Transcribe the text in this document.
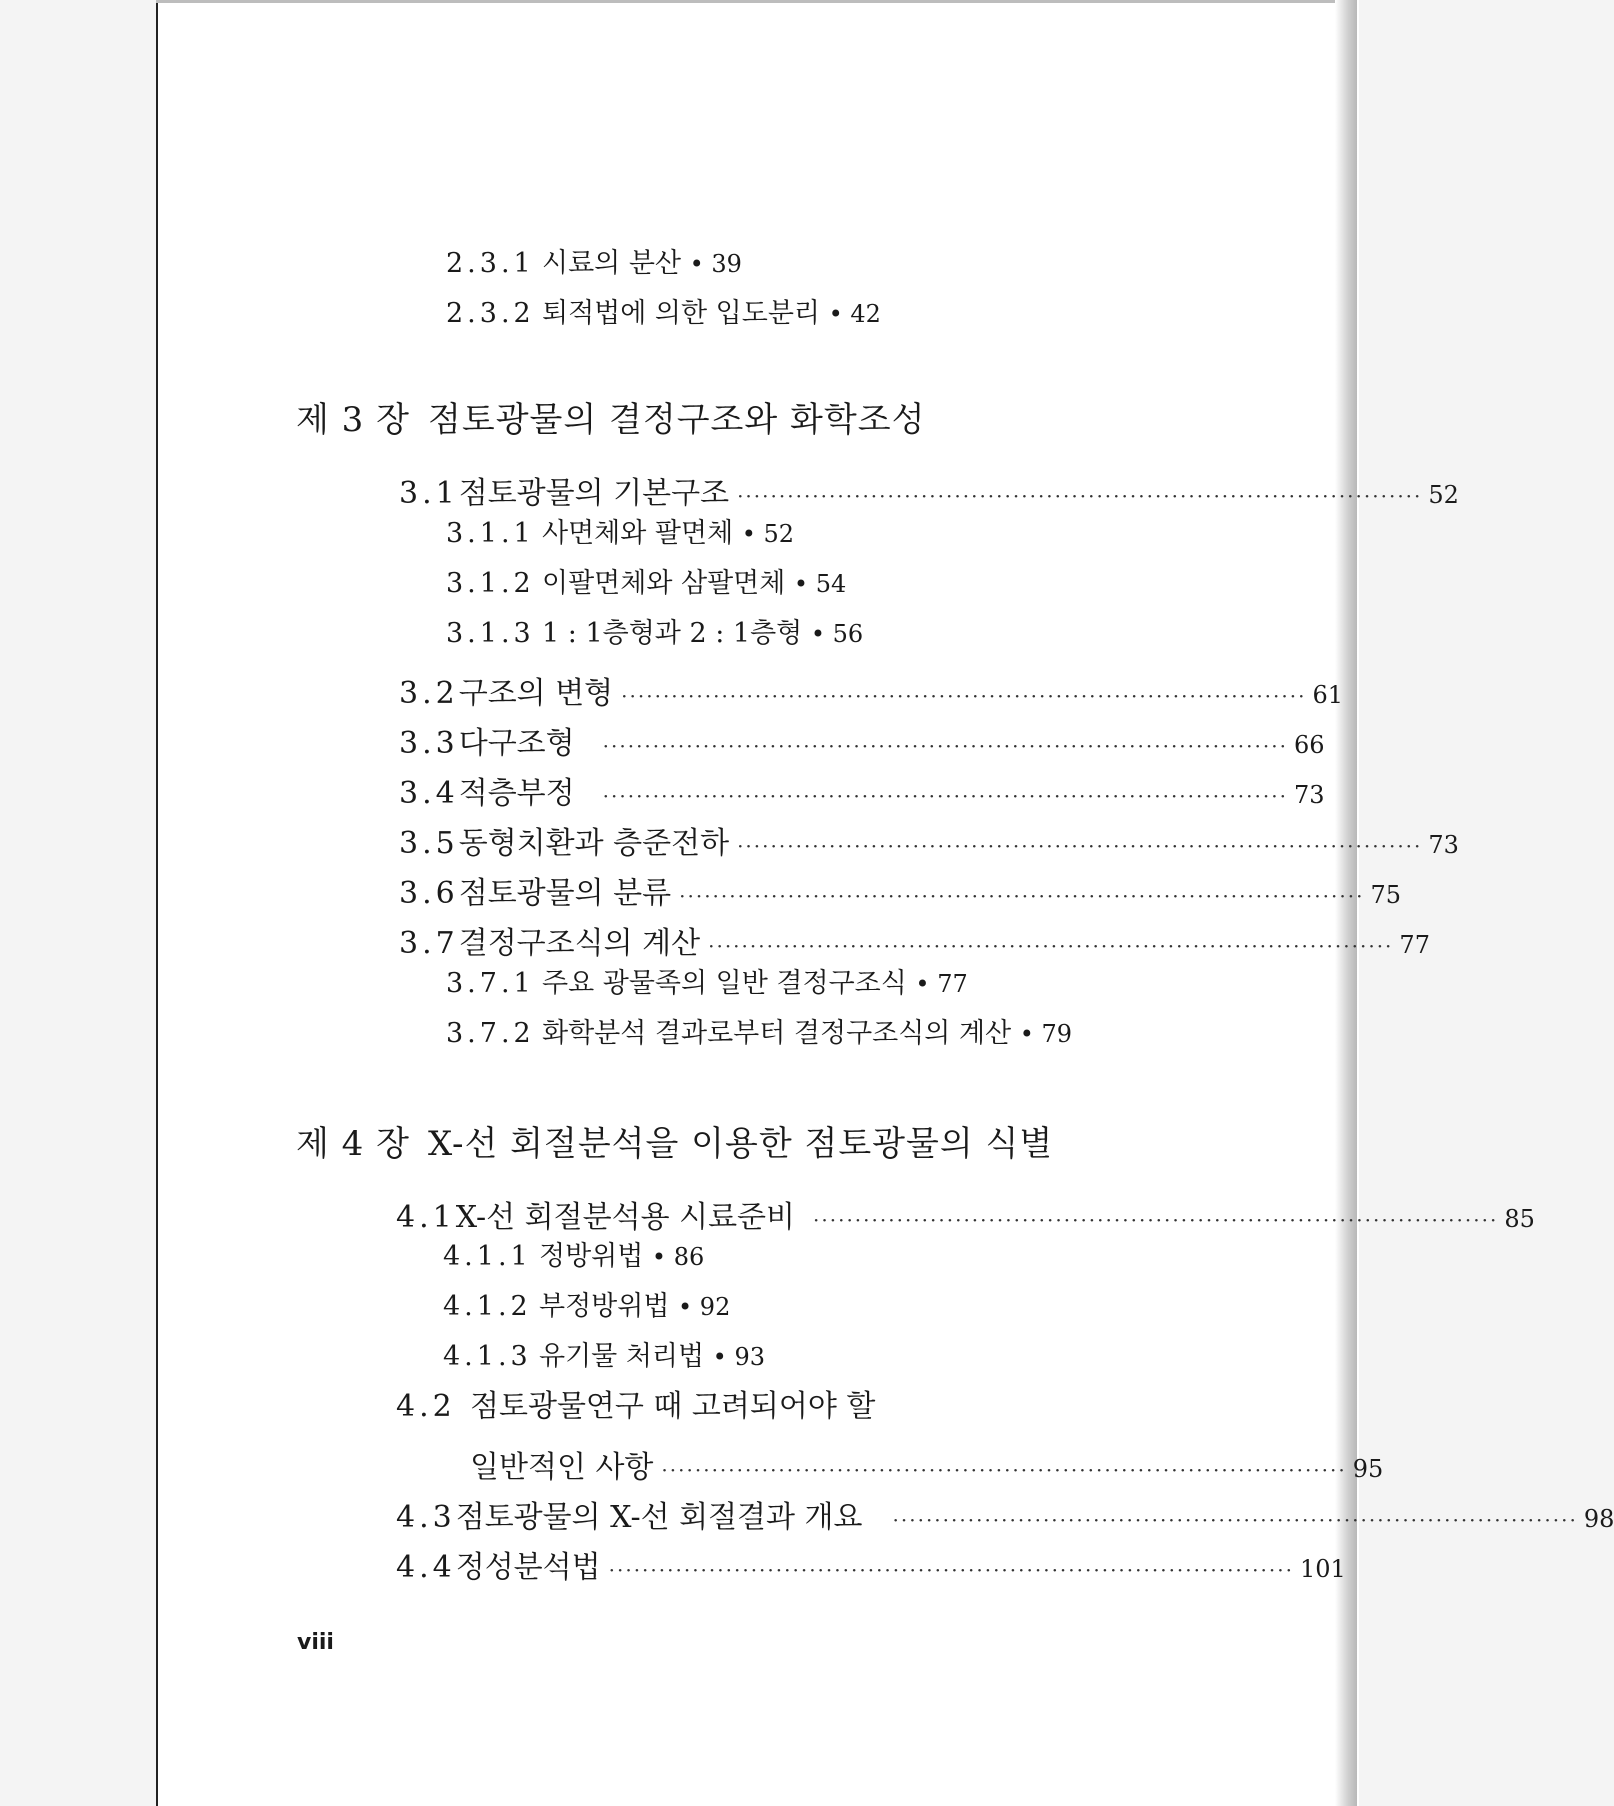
2.3.1 시료의 분산 • 39
2.3.2 퇴적법에 의한 입도분리 • 42
제 3 장 점토광물의 결정구조와 화학조성
3.1 점토광물의 기본구조 ·················································································· 52
3.1.1 사면체와 팔면체 • 52
3.1.2 이팔면체와 삼팔면체 • 54
3.1.3 1 : 1층형과 2 : 1층형 • 56
3.2 구조의 변형 ·················································································· 61
3.3 다구조형 ·················································································· 66
3.4 적층부정 ·················································································· 73
3.5 동형치환과 층준전하 ·················································································· 73
3.6 점토광물의 분류 ·················································································· 75
3.7 결정구조식의 계산 ·················································································· 77
3.7.1 주요 광물족의 일반 결정구조식 • 77
3.7.2 화학분석 결과로부터 결정구조식의 계산 • 79
제 4 장 X-선 회절분석을 이용한 점토광물의 식별
4.1 X-선 회절분석용 시료준비 ·················································································· 85
4.1.1 정방위법 • 86
4.1.2 부정방위법 • 92
4.1.3 유기물 처리법 • 93
4.2 점토광물연구 때 고려되어야 할
일반적인 사항 ·················································································· 95
4.3 점토광물의 X-선 회절결과 개요 ·················································································· 98
4.4 정성분석법 ·················································································· 101
viii
